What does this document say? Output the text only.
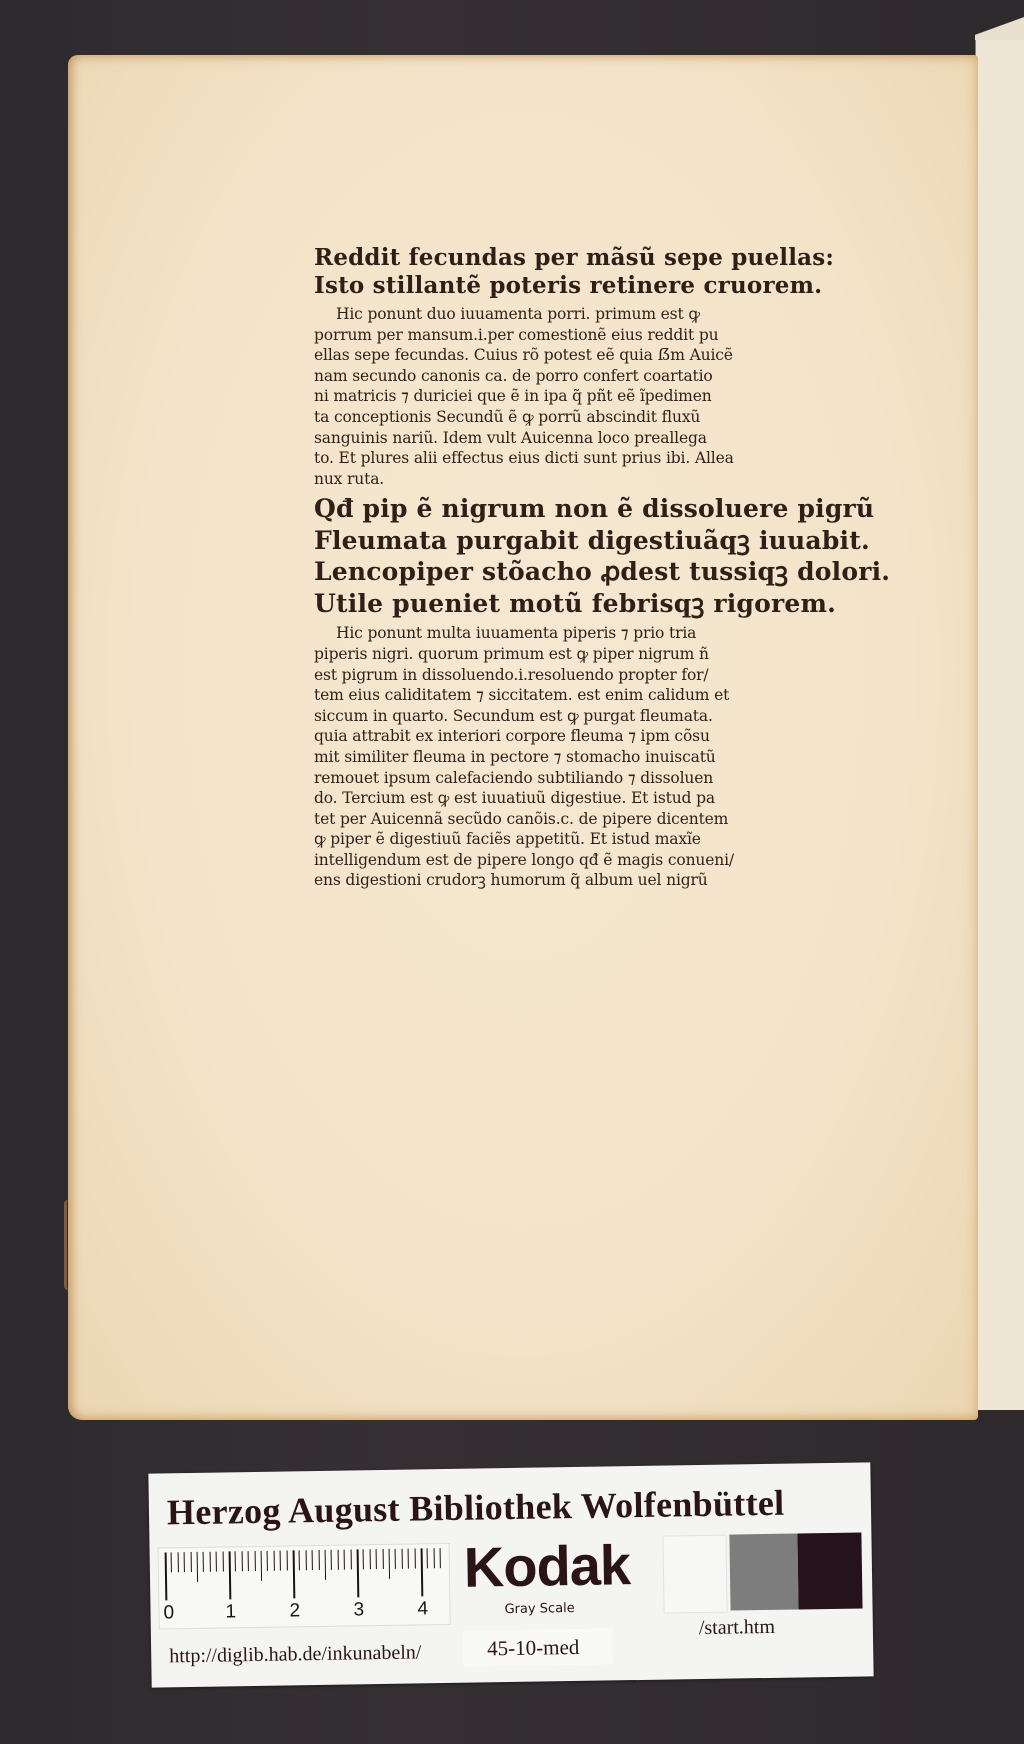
Reddit fecundas per mãsũ sepe puellas:
Isto stillantẽ poteris retinere cruorem.
Hic ponunt duo iuuamenta porri. primum est ꝙ
porrum per mansum.i.per comestionẽ eius reddit pu
ellas sepe fecundas. Cuius rõ potest eẽ quia ẞm Auicẽ
nam secundo canonis ca. de porro confert coartatio
ni matricis ⁊ duriciei que ẽ in ipa q̃ pñt eẽ ĩpedimen
ta conceptionis Secundũ ẽ ꝙ porrũ abscindit fluxũ
sanguinis nariũ. Idem vult Auicenna loco preallega
to. Et plures alii effectus eius dicti sunt prius ibi. Allea
nux ruta.
Qđ pip ẽ nigrum non ẽ dissoluere pigrũ
Fleumata purgabit digestiuãqꝫ iuuabit.
Lencopiper stõacho ꝓdest tussiqꝫ dolori.
Utile pueniet motũ febrisqꝫ rigorem.
Hic ponunt multa iuuamenta piperis ⁊ prio tria
piperis nigri. quorum primum est ꝙ piper nigrum ñ
est pigrum in dissoluendo.i.resoluendo propter for/
tem eius caliditatem ⁊ siccitatem. est enim calidum et
siccum in quarto. Secundum est ꝙ purgat fleumata.
quia attrabit ex interiori corpore fleuma ⁊ ipm cõsu
mit similiter fleuma in pectore ⁊ stomacho inuiscatũ
remouet ipsum calefaciendo subtiliando ⁊ dissoluen
do. Tercium est ꝙ est iuuatiuũ digestiue. Et istud pa
tet per Auicennã secũdo canõis.c. de pipere dicentem
ꝙ piper ẽ digestiuũ faciẽs appetitũ. Et istud maxĩe
intelligendum est de pipere longo qđ ẽ magis conueni/
ens digestioni crudorꝫ humorum q̃ album uel nigrũ
Herzog August Bibliothek Wolfenbüttel
0	1	2	3	4
Kodak
Gray Scale
http://diglib.hab.de/inkunabeln/	45-10-med
/start.htm
